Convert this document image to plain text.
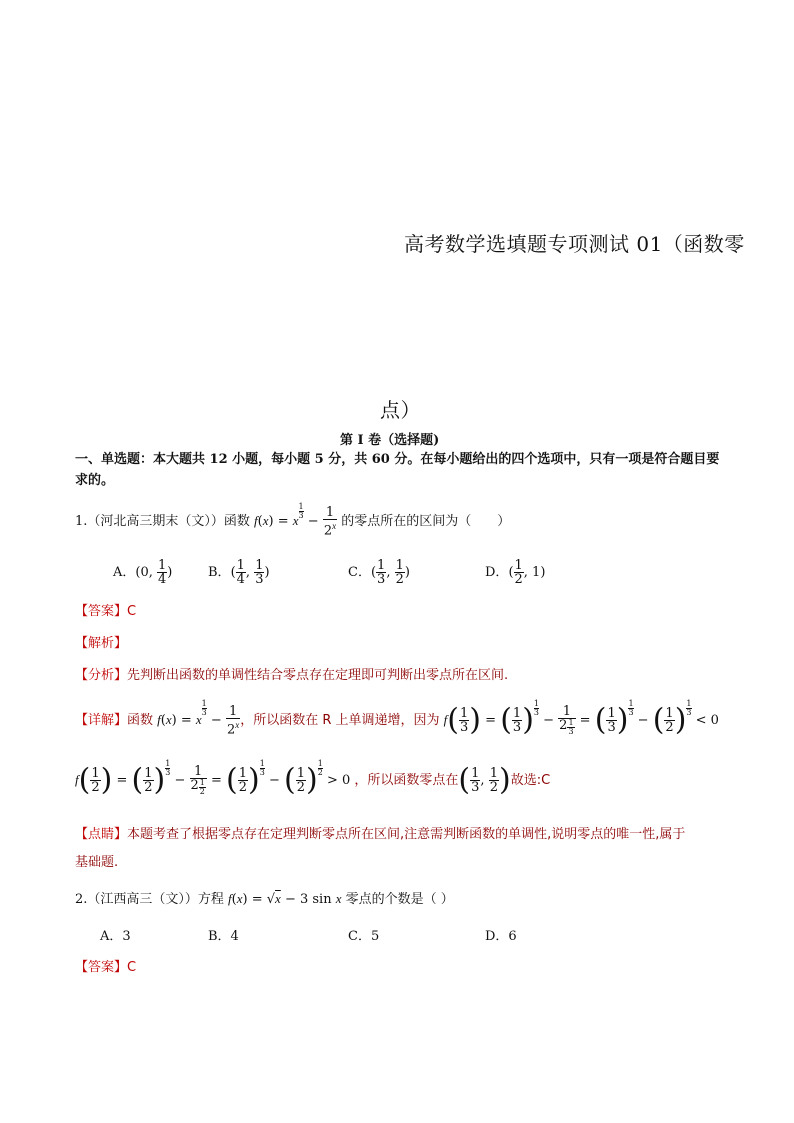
高考数学选填题专项测试 01（函数零
点）
第 I 卷（选择题)
一、单选题：本大题共 12 小题，每小题 5 分，共 60 分。在每小题给出的四个选项中，只有一项是符合题目要求的。
1.（河北高三期末（文））函数 $f(x) = x\frac{1}{3}$
− $\frac{1}{2^x}$ 的零点所在的区间为（　　）
A．(0, $\frac{1}{4}$ )	B．( $\frac{1}{4}$ , $\frac{1}{3}$ )	C．( $\frac{1}{3}$ , $\frac{1}{2}$ )	D．( $\frac{1}{2}$ , 1)
【答案】C
【解析】
【分析】先判断出函数的单调性结合零点存在定理即可判断出零点所在区间.
【详解】函数 $f(x) = x\frac{1}{3}$
− $\frac{1}{2^x}$ ，所以函数在 R 上单调递增，因为 $f( \frac{1}{3}$ ) = ( $\frac{1}{3} )\frac{1}{3}$
− $\frac{1}{2\frac{1}{3}}$ = ( $\frac{1}{3} )\frac{1}{3}$
− ( $\frac{1}{2} )\frac{1}{3}$
< 0
$f( \frac{1}{2}$ ) = ( $\frac{1}{2} )\frac{1}{3}$
− $\frac{1}{2\frac{1}{2}}$ = ( $\frac{1}{2} )\frac{1}{3}$
− ( $\frac{1}{2} )\frac{1}{2}$
> 0 ，所以函数零点在( $\frac{1}{3}$ , $\frac{1}{2}$ )故选:C
【点睛】本题考查了根据零点存在定理判断零点所在区间,注意需判断函数的单调性,说明零点的唯一性,属于
基础题.
2.（江西高三（文））方程 f(x) = √x − 3 sin x 零点的个数是（ ）
A．3	B．4	C．5	D．6
【答案】C
